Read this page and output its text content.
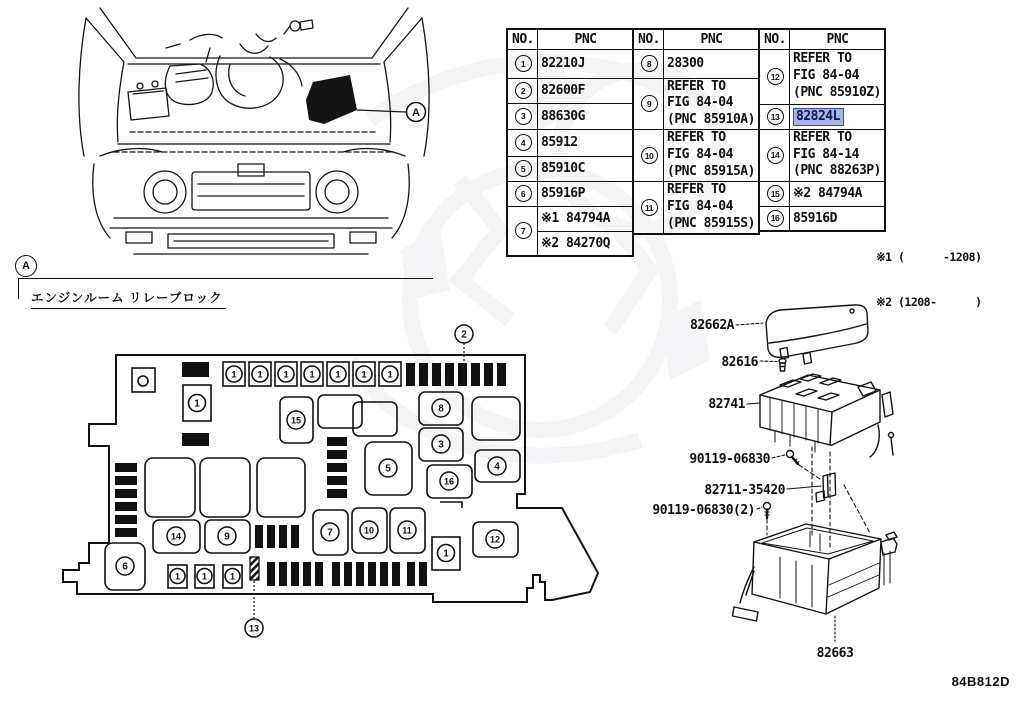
A
NO.	PNC
1	82210J
2	82600F
3	88630G
4	85912
5	85910C
6	85916P
7	※1 84794A
	※2 84270Q
NO.	PNC
8	28300
9	REFER TO
FIG 84-04
(PNC 85910A)

10	REFER TO
FIG 84-04
(PNC 85915A)

11	REFER TO
FIG 84-04
(PNC 85915S)
NO.	PNC
12	REFER TO
FIG 84-04
(PNC 85910Z)

13	82824L
14	REFER TO
FIG 84-14
(PNC 88263P)

15	※2 84794A
16	85916D

※1 (      -1208)

※2 (1208-      )

A
エンジンルーム リレーブロック
2
13
1
1 1 1 1 1 1 1
15
8
3
5
16
4
14	9	7	10	11
1
12
6
1 1	1
82662A
82616
82741
90119-06830
82711-35420
90119-06830(2)
82663
84B812D
